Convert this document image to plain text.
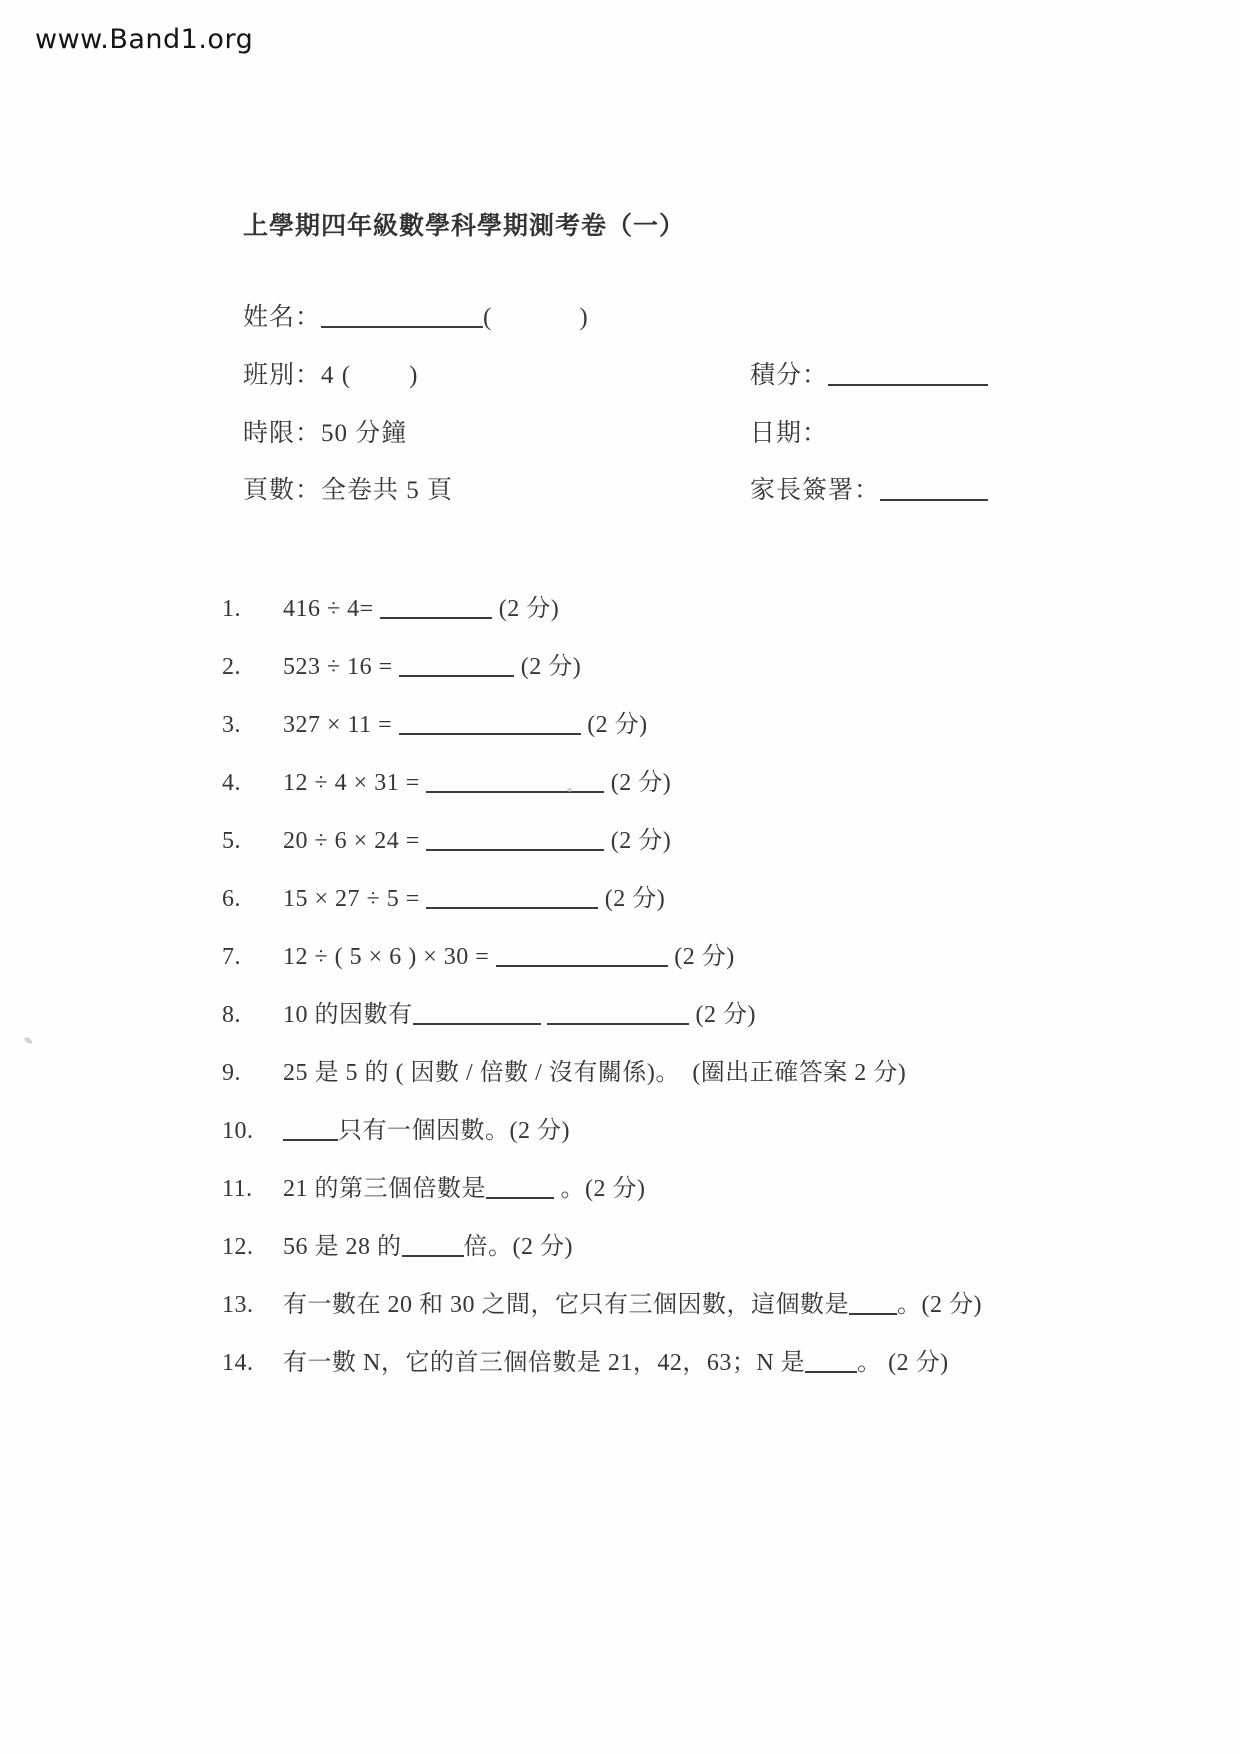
www.Band1.org
上學期四年級數學科學期測考卷（一）
姓名：	(            )
班別：4 (        )	積分：
時限：50 分鐘	日期：
頁數：全卷共 5 頁	家長簽署：
1. 416 ÷ 4=	(2 分)
2. 523 ÷ 16 =	(2 分)
3. 327 × 11 =	(2 分)
4. 12 ÷ 4 × 31 =	(2 分)
5. 20 ÷ 6 × 24 =	(2 分)
6. 15 × 27 ÷ 5 =	(2 分)
7. 12 ÷ ( 5 × 6 ) × 30 =	(2 分)
8. 10 的因數有	(2 分)
9. 25 是 5 的 ( 因數 / 倍數 / 沒有關係)。　(圈出正確答案 2 分)
10.	只有一個因數。(2 分)
11. 21 的第三個倍數是	。(2 分)
12. 56 是 28 的	倍。(2 分)
13. 有一數在 20 和 30 之間，它只有三個因數，這個數是 。(2 分)
14. 有一數 N，它的首三個倍數是 21，42，63；N 是 。 (2 分)
